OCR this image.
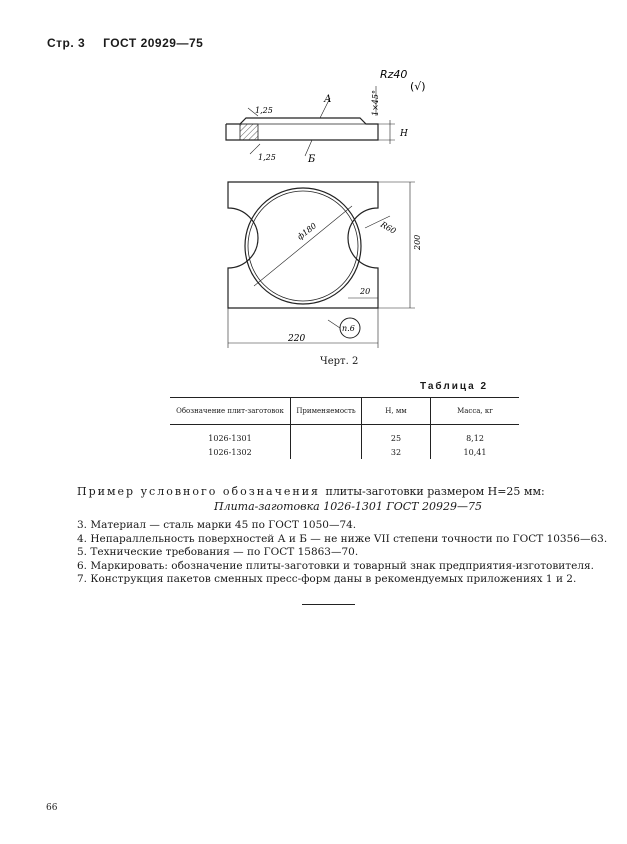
Стр. 3 ГОСТ 20929—75
Rz40
(√)
1,25
1,25
1×45°
А
Б
Н
ф180	R60
20
220
200
п.6
Черт. 2
Таблица 2
Обозначение плит-заготовок	Применяемость	Н, мм	Масса, кг

1026-1301		25	8,12
1026-1302		32	10,41
Пример условного обозначения плиты-заготовки размером Н=25 мм:
Плита-заготовка 1026-1301 ГОСТ 20929—75
3. Материал — сталь марки 45 по ГОСТ 1050—74.
4. Непараллельность поверхностей А и Б — не ниже VII степени точности по ГОСТ 10356—63.
5. Технические требования — по ГОСТ 15863—70.
6. Маркировать: обозначение плиты-заготовки и товарный знак предприятия-изготовителя.
7. Конструкция пакетов сменных пресс-форм даны в рекомендуемых приложениях 1 и 2.
66
